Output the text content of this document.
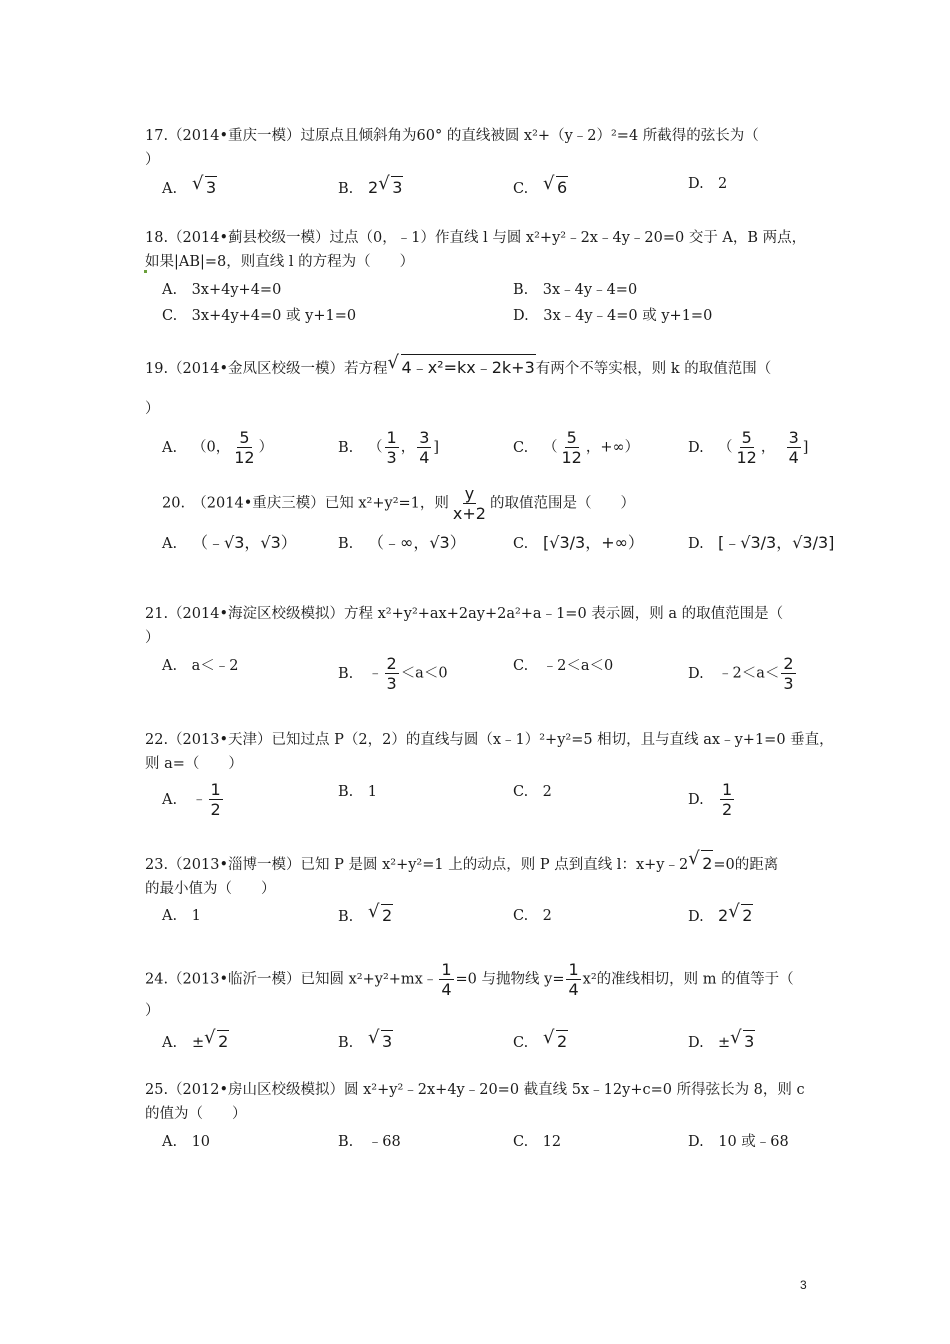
17.（2014•重庆一模）过原点且倾斜角为60° 的直线被圆 x²+（y﹣2）²=4 所截得的弦长为（
）
A. √ 3	B. 2 √ 3	C. √ 6	D. 2
18.（2014•蓟县校级一模）过点（0，﹣1）作直线 l 与圆 x²+y²﹣2x﹣4y﹣20=0 交于 A，B 两点，
如果|AB|=8，则直线 l 的方程为（　　）
A.　3x+4y+4=0	B.　3x﹣4y﹣4=0
C.　3x+4y+4=0 或 y+1=0	D.　3x﹣4y﹣4=0 或 y+1=0
19.（2014•金凤区校级一模）若方程 √ 4﹣x²=kx﹣2k+3有两个不等实根，则 k 的取值范围（
）
A. （0， $\frac{5}{12}$ ）	B. （ $\frac{1}{3}$ ， $\frac{3}{4}$ ]	C. （ $\frac{5}{12}$ ，+∞）	D. （ $\frac{5}{12}$ ， $\frac{3}{4}$ ]
20.　（2014•重庆三模）已知 x²+y²=1，则 $\frac{y}{x+2}$ 的取值范围是（　　）
A. （﹣√3，√3）	B. （﹣∞，√3）	C. [√3/3，+∞）	D. [﹣√3/3，√3/3]
21.（2014•海淀区校级模拟）方程 x²+y²+ax+2ay+2a²+a﹣1=0 表示圆，则 a 的取值范围是（
）
A.　a＜﹣2	B. ﹣ $\frac{2}{3} <a<0$	C.　﹣2＜a＜0	D. ﹣2＜a＜ $\frac{2}{3}$
22.（2013•天津）已知过点 P（2，2）的直线与圆（x﹣1）²+y²=5 相切，且与直线 ax﹣y+1=0 垂直，
则 a=（　　）
A. ﹣ $\frac{1}{2}$	B.　1	C.　2	D. $\frac{1}{2}$
23.（2013•淄博一模）已知 P 是圆 x²+y²=1 上的动点，则 P 点到直线 l：x+y﹣2 √ 2=0的距离
的最小值为（　　）
A.　1	B. √ 2	C.　2	D. 2 √ 2
24.（2013•临沂一模）已知圆 x²+y²+mx﹣ $\frac{1}{4} =0$ 与抛物线 $y= \frac{1}{4} x^2$的准线相切，则 m 的值等于（
）
A. ± √ 2	B. √ 3	C. √ 2	D. ± √ 3
25.（2012•房山区校级模拟）圆 x²+y²﹣2x+4y﹣20=0 截直线 5x﹣12y+c=0 所得弦长为 8，则 c
的值为（　　）
A.　10	B.　﹣68	C.　12	D.　10 或﹣68
3
